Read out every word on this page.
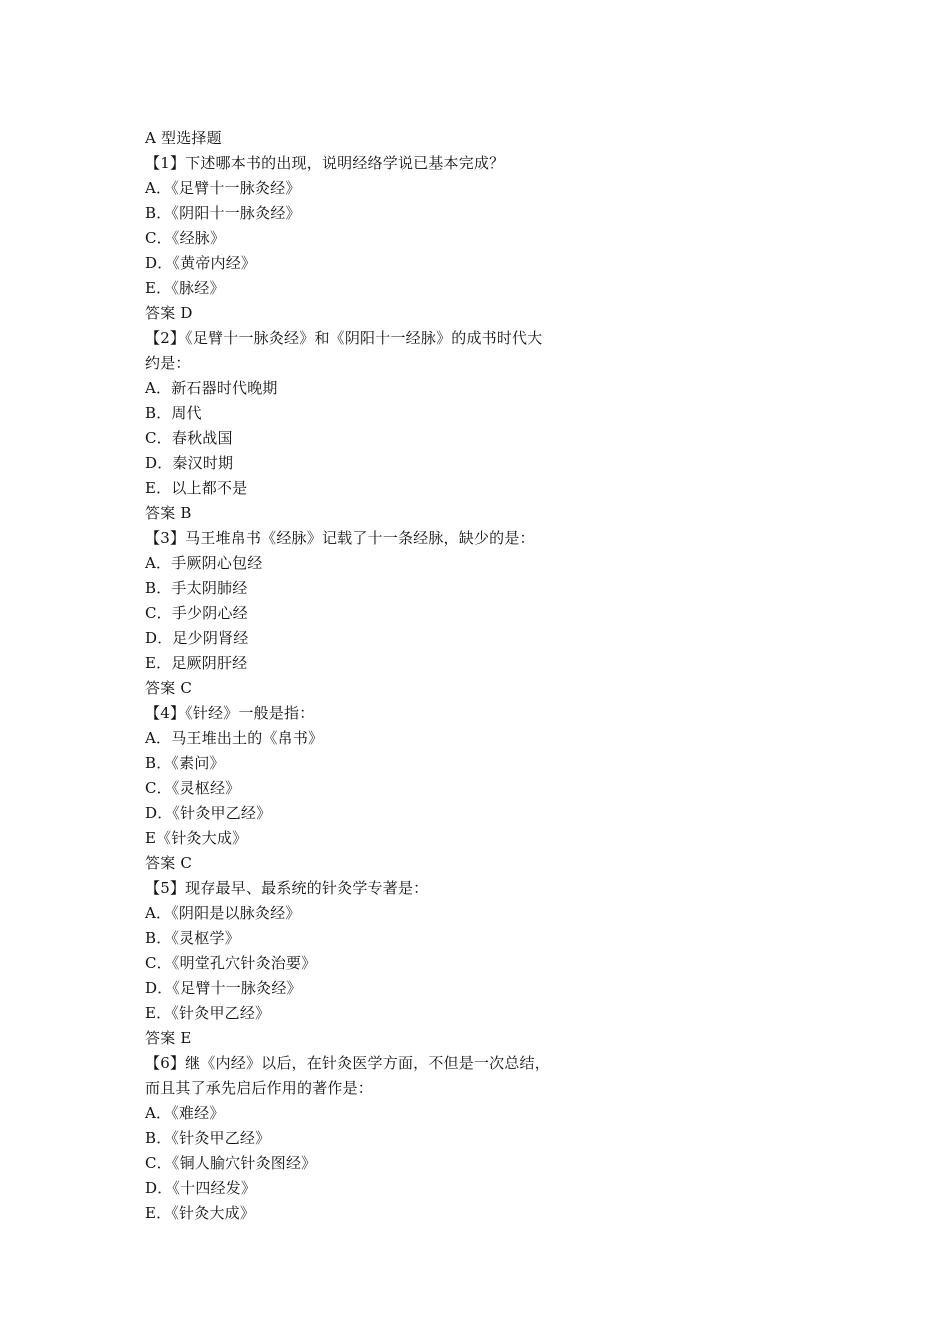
A 型选择题
【1】下述哪本书的出现，说明经络学说已基本完成？
A．《足臂十一脉灸经》
B．《阴阳十一脉灸经》
C．《经脉》
D．《黄帝内经》
E．《脉经》
答案 D
【2】《足臂十一脉灸经》和《阴阳十一经脉》的成书时代大
约是：
A．新石器时代晚期
B．周代
C．春秋战国
D．秦汉时期
E．以上都不是
答案 B
【3】马王堆帛书《经脉》记载了十一条经脉，缺少的是：
A．手厥阴心包经
B．手太阴肺经
C．手少阴心经
D．足少阴肾经
E．足厥阴肝经
答案 C
【4】《针经》一般是指：
A．马王堆出土的《帛书》
B．《素问》
C．《灵枢经》
D．《针灸甲乙经》
E《针灸大成》
答案 C
【5】现存最早、最系统的针灸学专著是：
A．《阴阳是以脉灸经》
B．《灵枢学》
C．《明堂孔穴针灸治要》
D．《足臂十一脉灸经》
E．《针灸甲乙经》
答案 E
【6】继《内经》以后，在针灸医学方面，不但是一次总结，
而且其了承先启后作用的著作是：
A．《难经》
B．《针灸甲乙经》
C．《铜人腧穴针灸图经》
D．《十四经发》
E．《针灸大成》
